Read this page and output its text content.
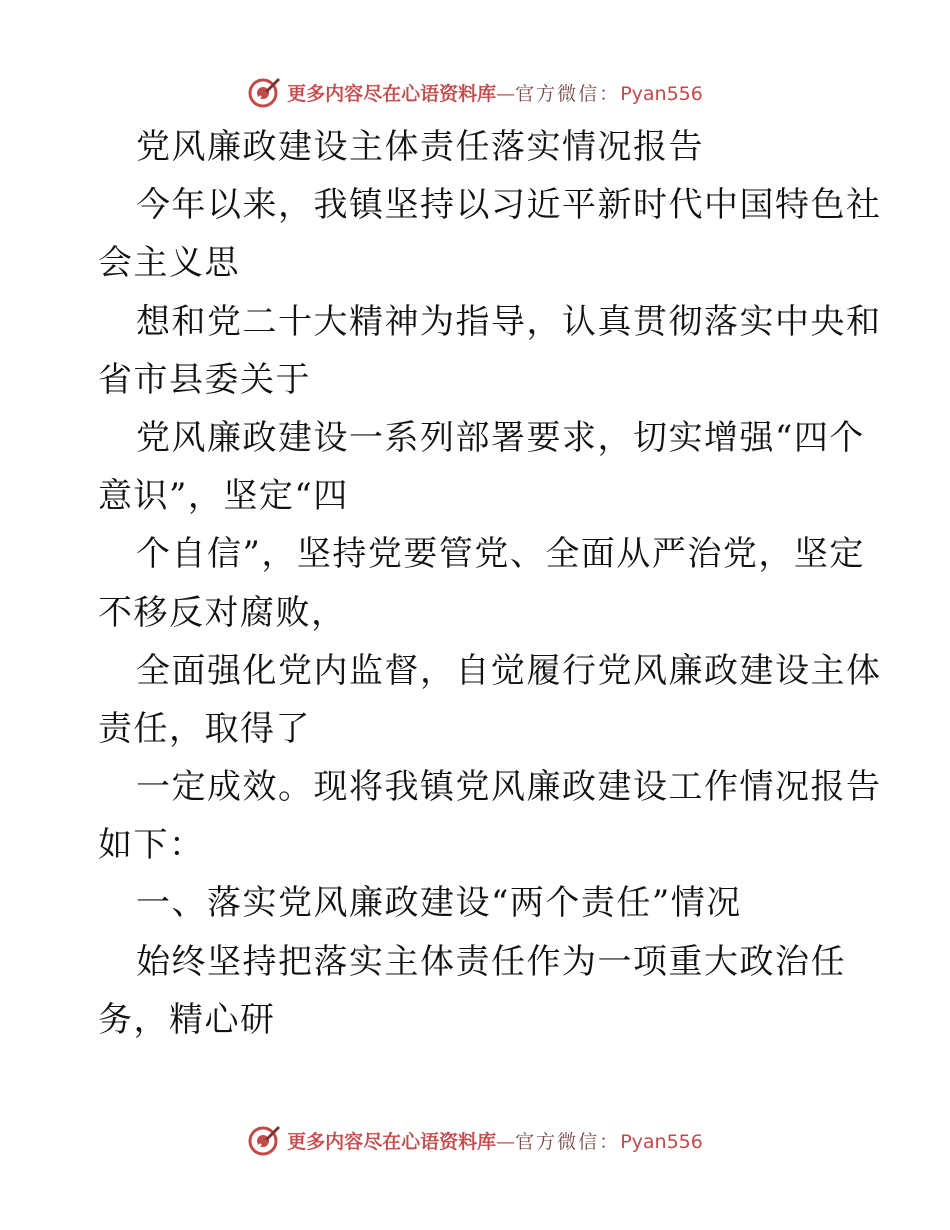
更多内容尽在心语资料库—官方微信：Pyan556
党风廉政建设主体责任落实情况报告
今年以来，我镇坚持以习近平新时代中国特色社
会主义思
想和党二十大精神为指导，认真贯彻落实中央和
省市县委关于
党风廉政建设一系列部署要求，切实增强“四个
意识”，坚定“四
个自信”，坚持党要管党、全面从严治党，坚定
不移反对腐败，
全面强化党内监督，自觉履行党风廉政建设主体
责任，取得了
一定成效。现将我镇党风廉政建设工作情况报告
如下：
一、落实党风廉政建设“两个责任”情况
始终坚持把落实主体责任作为一项重大政治任
务，精心研
更多内容尽在心语资料库—官方微信：Pyan556
